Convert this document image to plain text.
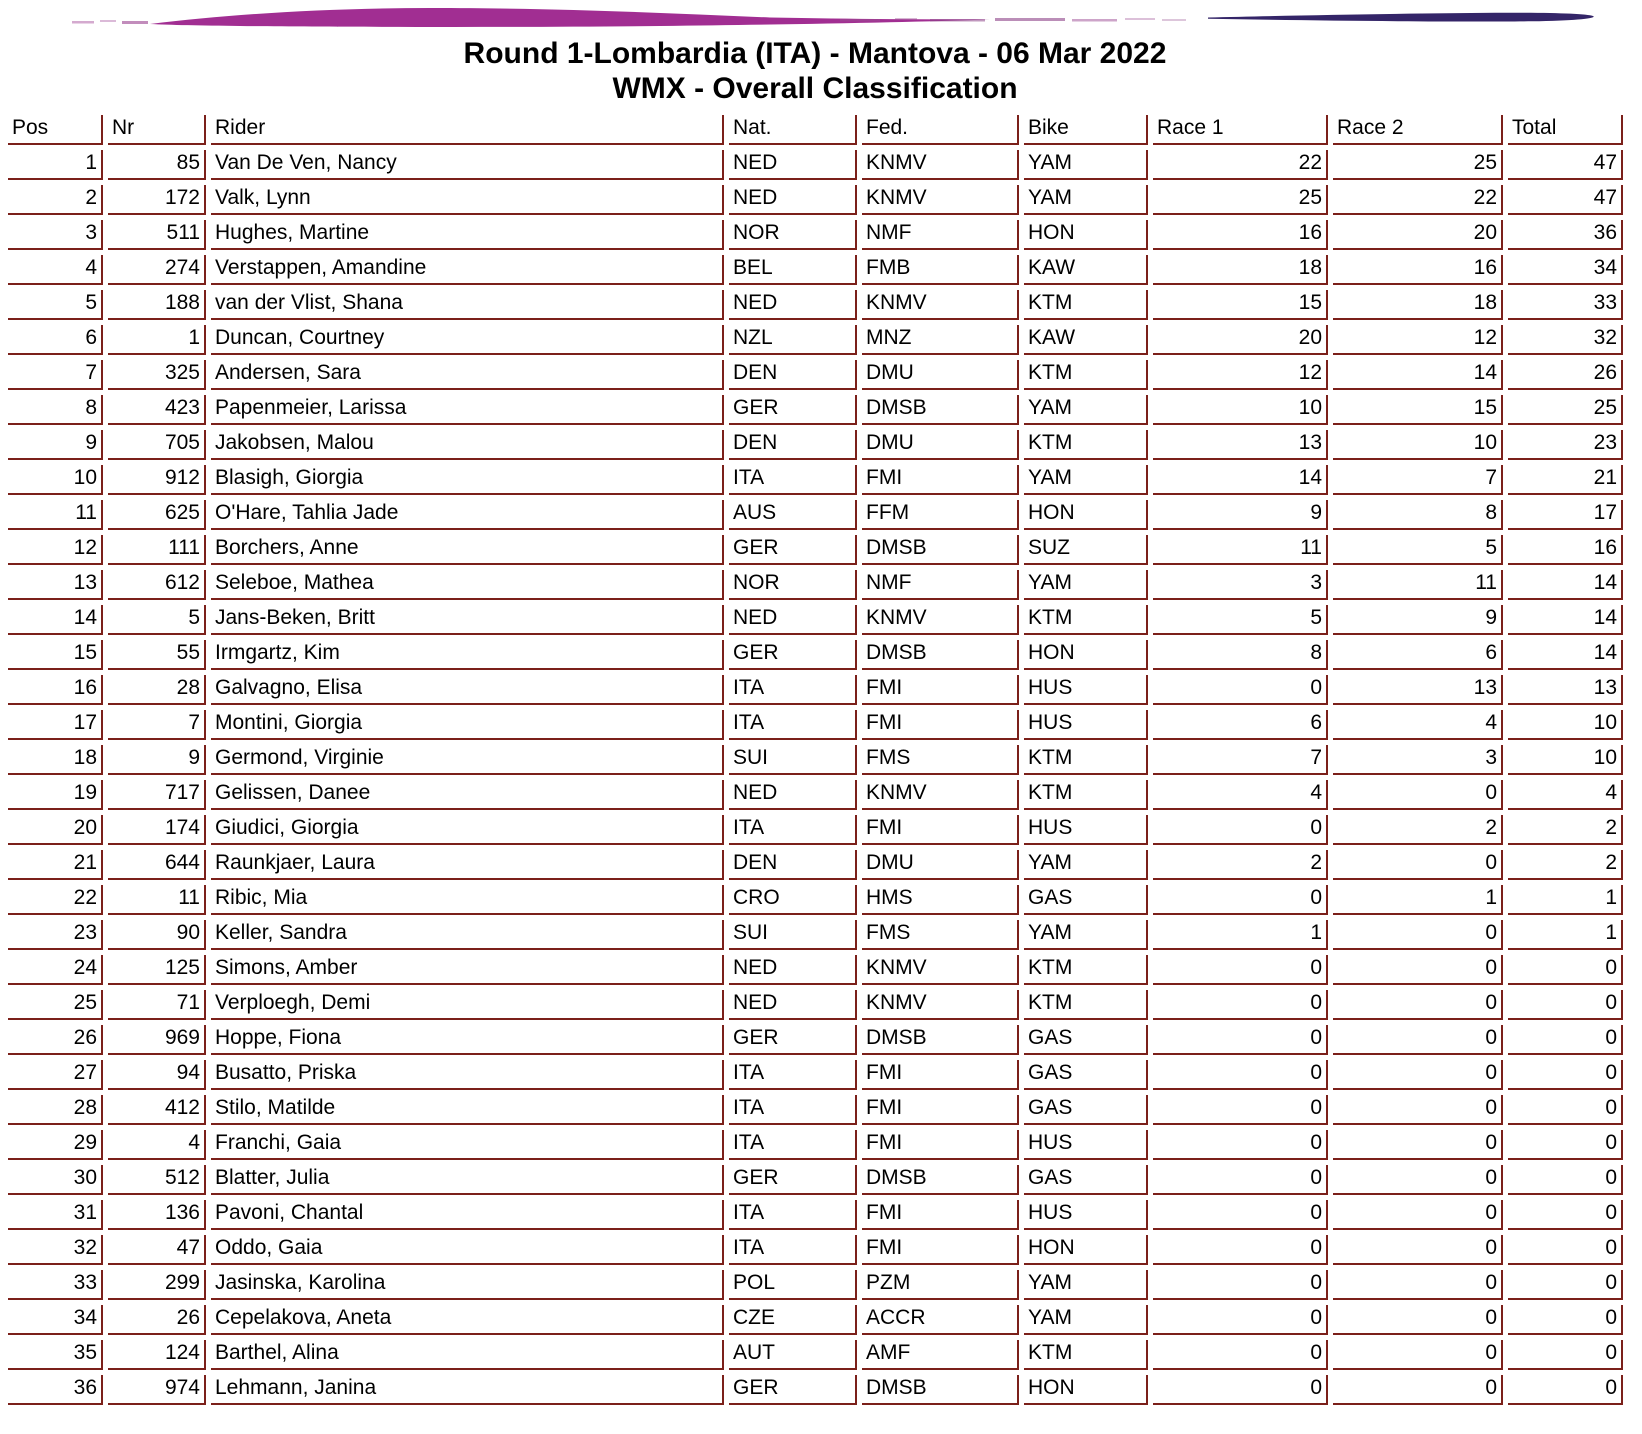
Round 1-Lombardia (ITA) - Mantova - 06 Mar 2022
WMX - Overall Classification
Pos	Nr	Rider	Nat.	Fed.	Bike	Race 1	Race 2	Total
1	85	Van De Ven, Nancy	NED	KNMV	YAM	22	25	47
2	172	Valk, Lynn	NED	KNMV	YAM	25	22	47
3	511	Hughes, Martine	NOR	NMF	HON	16	20	36
4	274	Verstappen, Amandine	BEL	FMB	KAW	18	16	34
5	188	van der Vlist, Shana	NED	KNMV	KTM	15	18	33
6	1	Duncan, Courtney	NZL	MNZ	KAW	20	12	32
7	325	Andersen, Sara	DEN	DMU	KTM	12	14	26
8	423	Papenmeier, Larissa	GER	DMSB	YAM	10	15	25
9	705	Jakobsen, Malou	DEN	DMU	KTM	13	10	23
10	912	Blasigh, Giorgia	ITA	FMI	YAM	14	7	21
11	625	O'Hare, Tahlia Jade	AUS	FFM	HON	9	8	17
12	111	Borchers, Anne	GER	DMSB	SUZ	11	5	16
13	612	Seleboe, Mathea	NOR	NMF	YAM	3	11	14
14	5	Jans-Beken, Britt	NED	KNMV	KTM	5	9	14
15	55	Irmgartz, Kim	GER	DMSB	HON	8	6	14
16	28	Galvagno, Elisa	ITA	FMI	HUS	0	13	13
17	7	Montini, Giorgia	ITA	FMI	HUS	6	4	10
18	9	Germond, Virginie	SUI	FMS	KTM	7	3	10
19	717	Gelissen, Danee	NED	KNMV	KTM	4	0	4
20	174	Giudici, Giorgia	ITA	FMI	HUS	0	2	2
21	644	Raunkjaer, Laura	DEN	DMU	YAM	2	0	2
22	11	Ribic, Mia	CRO	HMS	GAS	0	1	1
23	90	Keller, Sandra	SUI	FMS	YAM	1	0	1
24	125	Simons, Amber	NED	KNMV	KTM	0	0	0
25	71	Verploegh, Demi	NED	KNMV	KTM	0	0	0
26	969	Hoppe, Fiona	GER	DMSB	GAS	0	0	0
27	94	Busatto, Priska	ITA	FMI	GAS	0	0	0
28	412	Stilo, Matilde	ITA	FMI	GAS	0	0	0
29	4	Franchi, Gaia	ITA	FMI	HUS	0	0	0
30	512	Blatter, Julia	GER	DMSB	GAS	0	0	0
31	136	Pavoni, Chantal	ITA	FMI	HUS	0	0	0
32	47	Oddo, Gaia	ITA	FMI	HON	0	0	0
33	299	Jasinska, Karolina	POL	PZM	YAM	0	0	0
34	26	Cepelakova, Aneta	CZE	ACCR	YAM	0	0	0
35	124	Barthel, Alina	AUT	AMF	KTM	0	0	0
36	974	Lehmann, Janina	GER	DMSB	HON	0	0	0
